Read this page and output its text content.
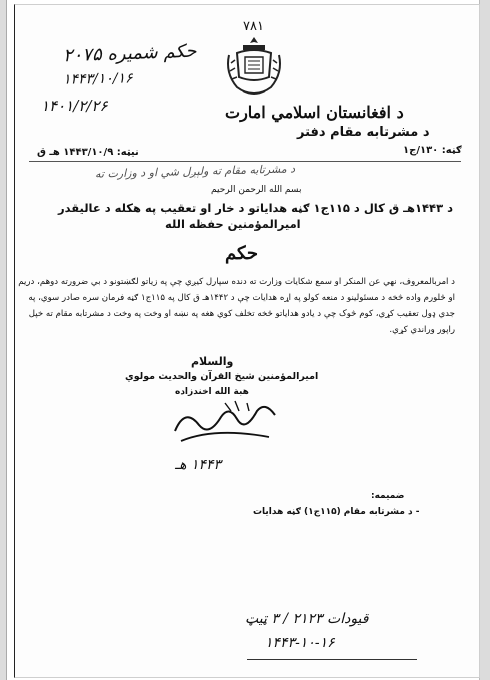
۷۸۱
حکم شمیره ۲۰۷۵
۱۴۴۳/۱۰/۱۶
۱۴۰۱/۲/۲۶	د افغانستان اسلامي امارت
د مشرتابه مقام دفتر
ګڼه: ۱۳۰/ج۱
نیټه: ۱۴۴۳/۱۰/۹ هـ ق
د مشرتابه مقام ته ولېږل شي او د وزارت ته
بسم الله الرحمن الرحيم
د ۱۴۴۳هـ ق کال د ۱۱۵ج۱ ګڼه هدایاتو د خار او تعقیب په هکله د عالیقدر
امیرالمؤمنین حفظه الله
حکم
د امربالمعروف، نهي عن المنکر او سمع شکایات وزارت ته دنده سپارل کیږي چې په زیاتو لګښتونو د بي ضرورته دوهم، دریم
او څلورم واده څخه د مسئولینو د منعه کولو په اړه هدایات چې د ۱۴۴۲هـ ق کال په ۱۱۵ج۱ ګڼه فرمان سره صادر سوي، په
جدي ډول تعقیب کړي، کوم څوک چې د یادو هدایاتو څخه تخلف کوي هغه په نښه او وخت په وخت د مشرتابه مقام ته خپل
راپور وراندي کړي.
والسلام
امیرالمؤمنین شیخ القرآن والحدیث مولوي
هبة الله اخندزاده
۱۴۴۳ هـ
ضمیمه:
- د مشرتابه مقام (۱۱۵ج۱) ګڼه هدایات
قیودات ۲۱۲۳ / ۳ ټیټ
۱۴۴۳-۱۰-۱۶
